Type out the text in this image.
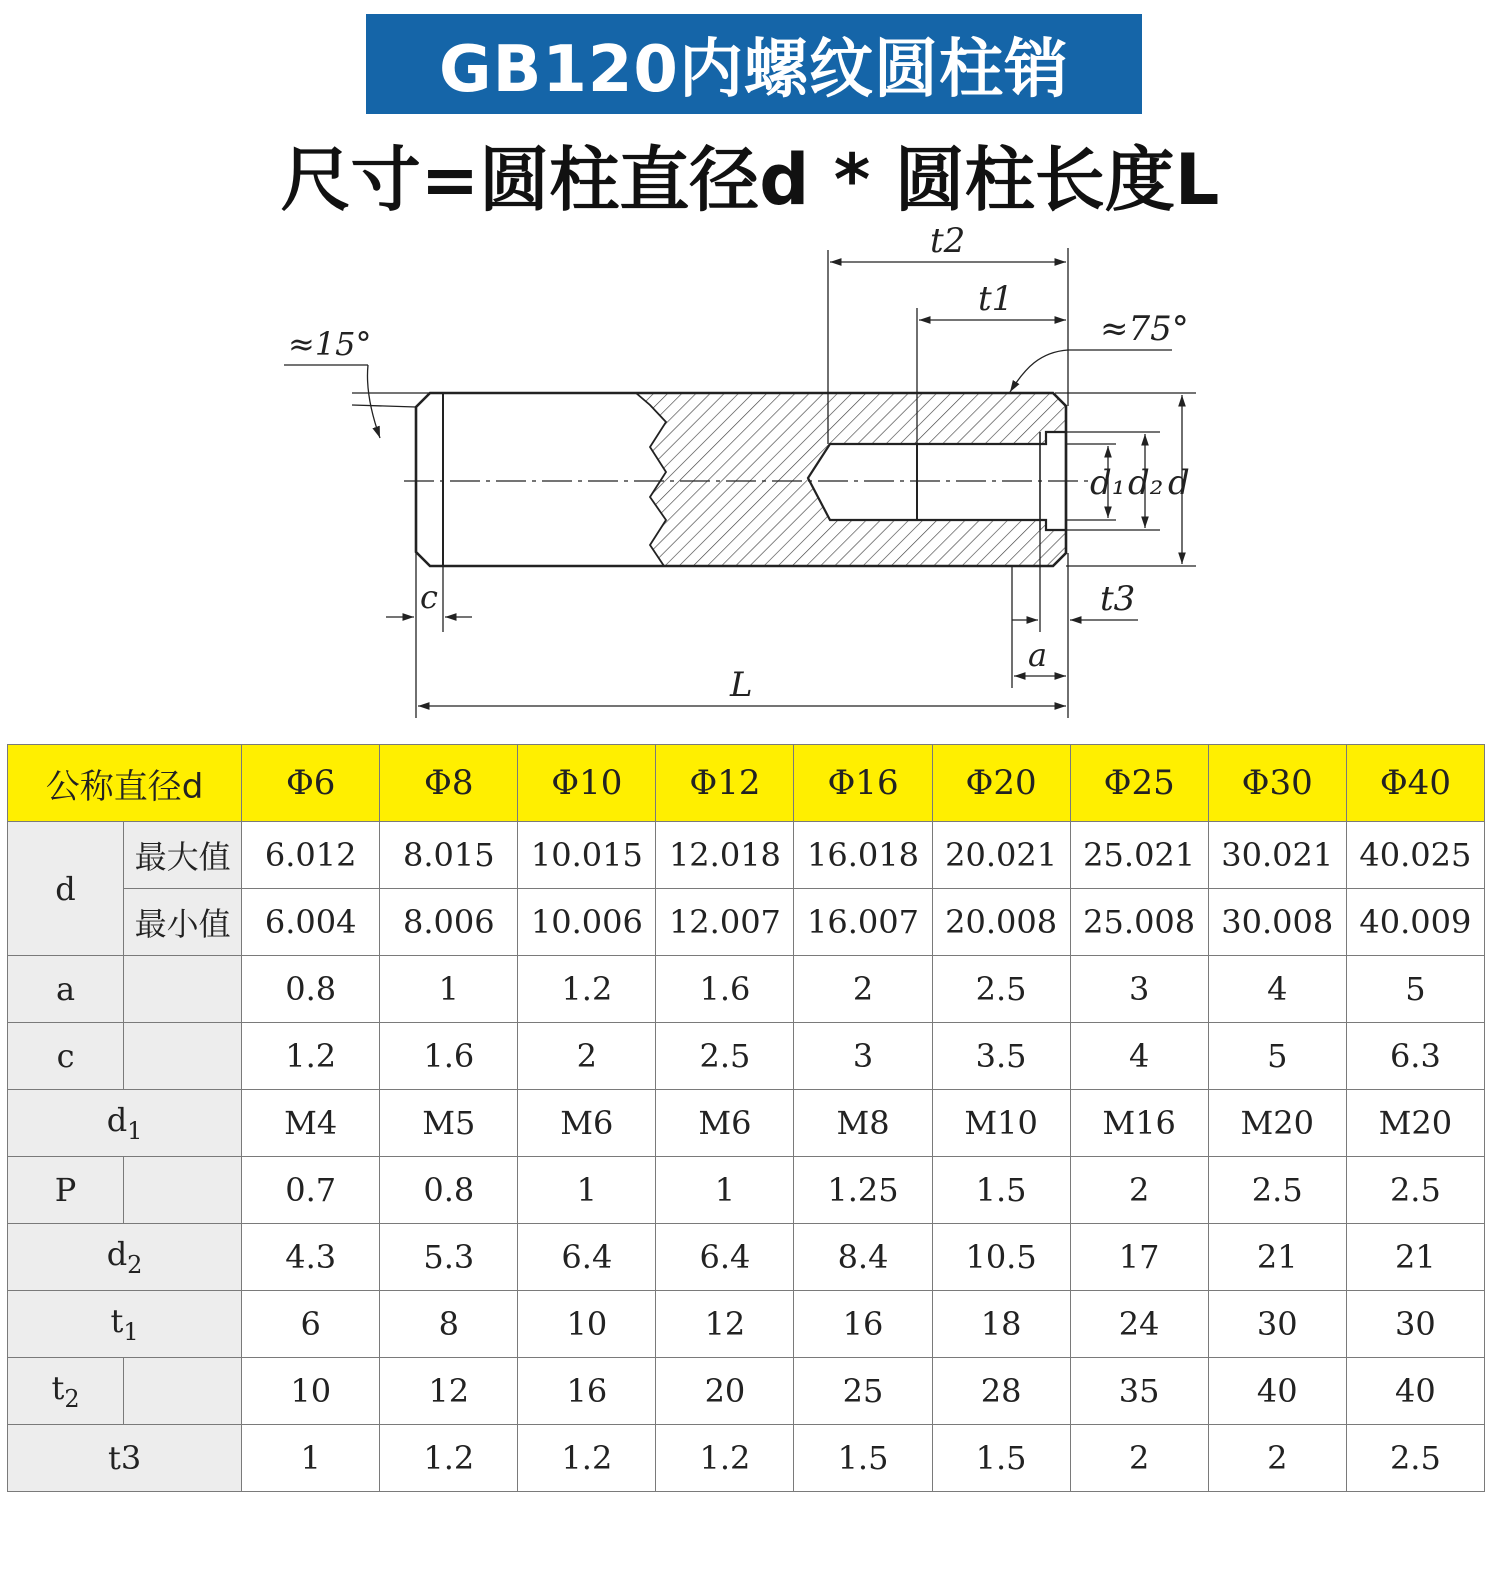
GB120内螺纹圆柱销
尺寸=圆柱直径d * 圆柱长度L
t2
t1
≈75°
≈15°
d₁ d₂ d
c	t3
a
L
公称直径d		Φ6	Φ8	Φ10	Φ12	Φ16	Φ20	Φ25	Φ30	Φ40
d	最大值	6.012	8.015	10.015	12.018	16.018	20.021	25.021	30.021	40.025
	最小值	6.004	8.006	10.006	12.007	16.007	20.008	25.008	30.008	40.009
a		0.8	1	1.2	1.6	2	2.5	3	4	5
c		1.2	1.6	2	2.5	3	3.5	4	5	6.3
$d_1$		M4	M5	M6	M6	M8	M10	M16	M20	M20
P		0.7	0.8	1	1	1.25	1.5	2	2.5	2.5
$d_2$		4.3	5.3	6.4	6.4	8.4	10.5	17	21	21
$t_1$		6	8	10	12	16	18	24	30	30
$t_2$		10	12	16	20	25	28	35	40	40
t3		1	1.2	1.2	1.2	1.5	1.5	2	2	2.5
